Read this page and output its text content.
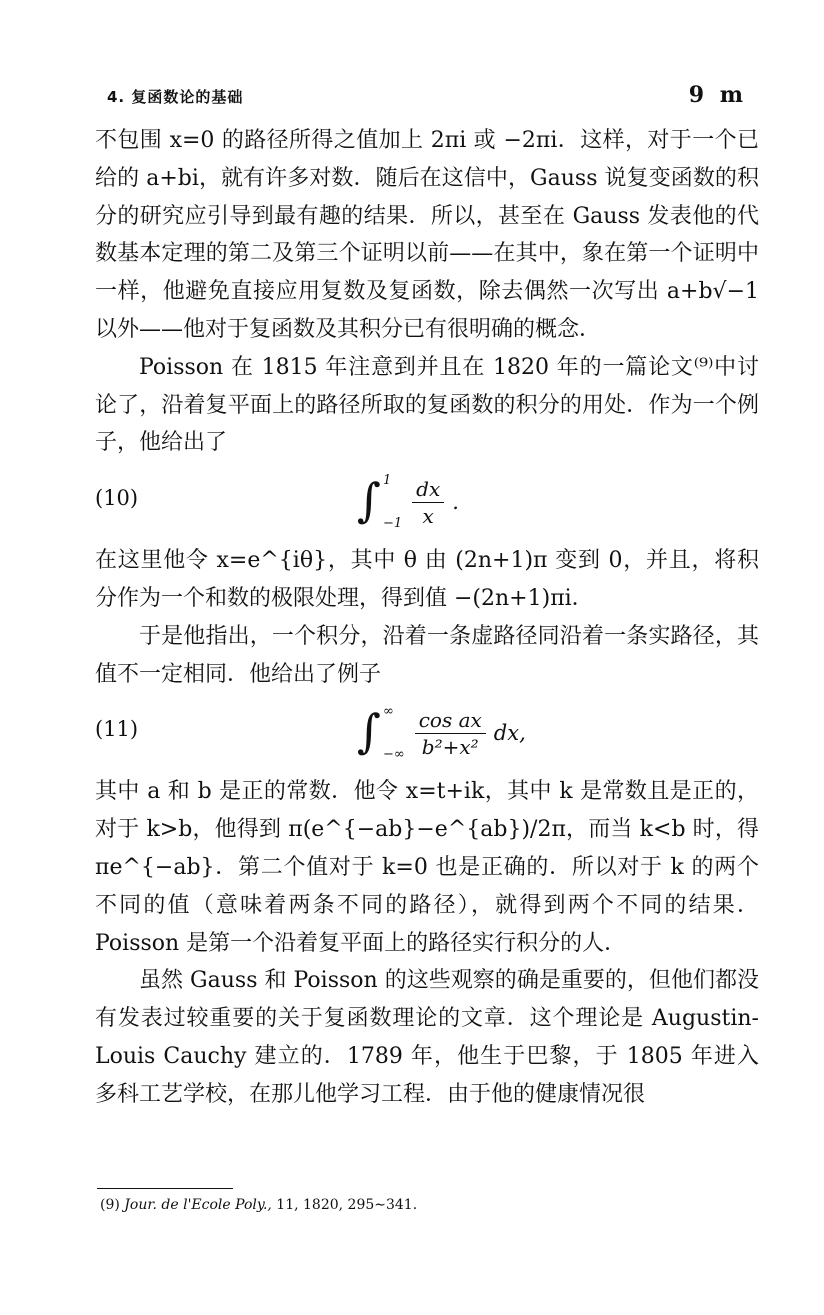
4. 复函数论的基础	9 m

不包围 x=0 的路径所得之值加上 2πi 或 −2πi．这样，对于一个已给的 a+bi，就有许多对数．随后在这信中，Gauss 说复变函数的积分的研究应引导到最有趣的结果．所以，甚至在 Gauss 发表他的代数基本定理的第二及第三个证明以前——在其中，象在第一个证明中一样，他避免直接应用复数及复函数，除去偶然一次写出 a+b√−1 以外——他对于复函数及其积分已有很明确的概念．

Poisson 在 1815 年注意到并且在 1820 年的一篇论文⁽⁹⁾中讨论了，沿着复平面上的路径所取的复函数的积分的用处．作为一个例子，他给出了

(10)	∫ 1
$-1 \frac{dx}{x}$ .

在这里他令 x=e^{iθ}，其中 θ 由 (2n+1)π 变到 0，并且，将积分作为一个和数的极限处理，得到值 −(2n+1)πi．

于是他指出，一个积分，沿着一条虚路径同沿着一条实路径，其值不一定相同．他给出了例子

(11)	∫ ∞
−∞ $\frac{\text{cos ax}}{\text{b²+x²}}$ dx,

其中 a 和 b 是正的常数．他令 x=t+ik，其中 k 是常数且是正的，对于 k>b，他得到 π(e^{−ab}−e^{ab})/2π，而当 k<b 时，得 πe^{−ab}．第二个值对于 k=0 也是正确的．所以对于 k 的两个不同的值（意味着两条不同的路径），就得到两个不同的结果．Poisson 是第一个沿着复平面上的路径实行积分的人．

虽然 Gauss 和 Poisson 的这些观察的确是重要的，但他们都没有发表过较重要的关于复函数理论的文章．这个理论是 Augustin-Louis Cauchy 建立的．1789 年，他生于巴黎，于 1805 年进入多科工艺学校，在那儿他学习工程．由于他的健康情况很

(9) Jour. de l'Ecole Poly., 11, 1820, 295∼341.
